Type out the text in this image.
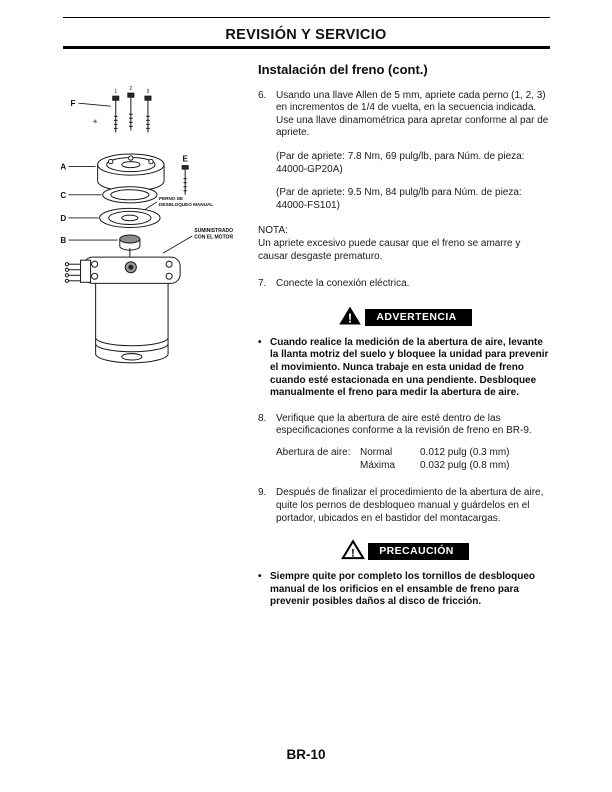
REVISIÓN Y SERVICIO
1
2
3
F
✳
A
E
C	PERNO DE
DESBLOQUEO MANUAL
D
B
SUMINISTRADO
CON EL MOTOR
Instalación del freno (cont.)
6. Usando una llave Allen de 5 mm, apriete cada perno (1, 2, 3) en incrementos de 1/4 de vuelta, en la secuencia indicada. Use una llave dinamométrica para apretar conforme al par de apriete.

(Par de apriete: 7.8 Nm, 69 pulg/lb, para Núm. de pieza: 44000-GP20A)

(Par de apriete: 9.5 Nm, 84 pulg/lb para Núm. de pieza: 44000-FS101)

NOTA:

Un apriete excesivo puede causar que el freno se amarre y causar desgaste prematuro.

7. Conecte la conexión eléctrica.

!	ADVERTENCIA
• Cuando realice la medición de la abertura de aire, levante la llanta motriz del suelo y bloquee la unidad para prevenir el movimiento. Nunca trabaje en esta unidad de freno cuando esté estacionada en una pendiente. Desbloquee manualmente el freno para medir la abertura de aire.

8. Verifique que la abertura de aire esté dentro de las especificaciones conforme a la revisión de freno en BR-9.

Abertura de aire: Normal	0.012 pulg (0.3 mm)
Máxima	0.032 pulg (0.8 mm)
9. Después de finalizar el procedimiento de la abertura de aire, quite los pernos de desbloqueo manual y guárdelos en el portador, ubicados en el bastidor del montacargas.

!	PRECAUCIÓN
• Siempre quite por completo los tornillos de desbloqueo manual de los orificios en el ensamble de freno para prevenir posibles daños al disco de fricción.

BR-10
